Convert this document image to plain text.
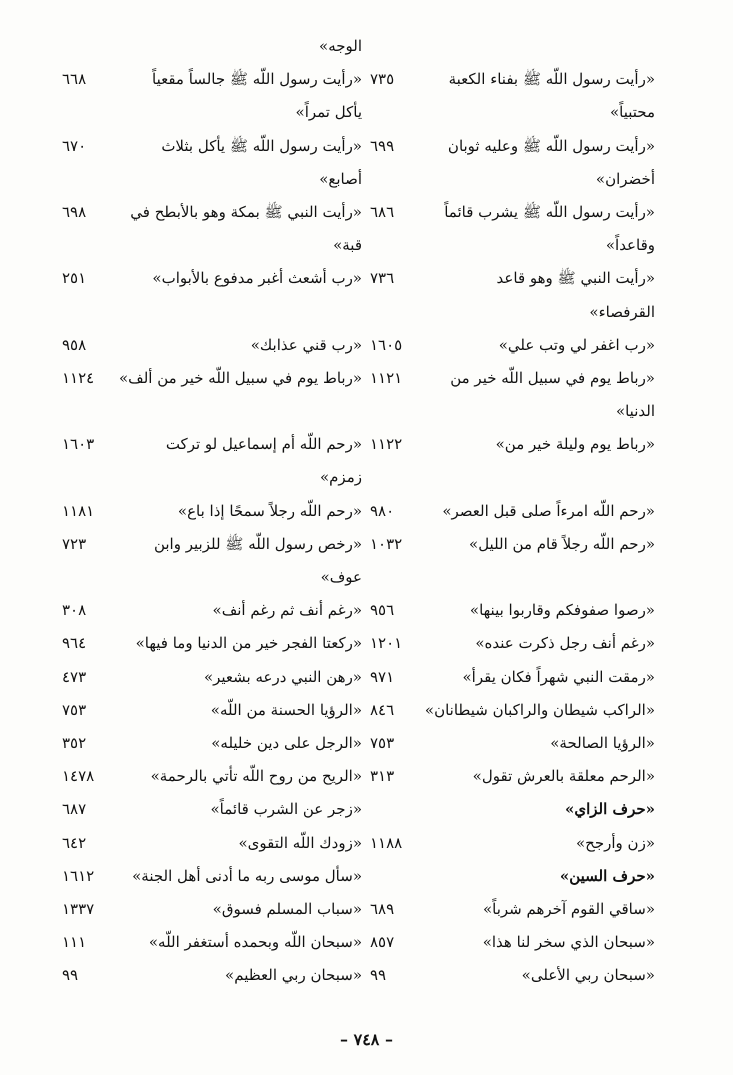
«رأيت رسول اللّه ﷺ بفناء الكعبة
٧٣٥
محتبياً»
«رأيت رسول اللّه ﷺ وعليه ثوبان
٦٩٩
أخضران»
«رأيت رسول اللّه ﷺ يشرب قائماً
٦٨٦
وقاعداً»
«رأيت النبي ﷺ وهو قاعد
٧٣٦
القرفصاء»
«رب اغفر لي وتب علي»
١٦٠٥
«رباط يوم في سبيل اللّه خير من
١١٢١
الدنيا»
«رباط يوم وليلة خير من»
١١٢٢
«رحم اللّه امرءاً صلى قبل العصر»
٩٨٠
«رحم اللّه رجلاً قام من الليل»
١٠٣٢
«رصوا صفوفكم وقاربوا بينها»
٩٥٦
«رغم أنف رجل ذكرت عنده»
١٢٠١
«رمقت النبي شهراً فكان يقرأ»
٩٧١
«الراكب شيطان والراكبان شيطانان»
٨٤٦
«الرؤيا الصالحة»
٧٥٣
«الرحم معلقة بالعرش تقول»
٣١٣
«حرف الزاي»
«زن وأرجح»
١١٨٨
«حرف السين»
«ساقي القوم آخرهم شرباً»
٦٨٩
«سبحان الذي سخر لنا هذا»
٨٥٧
«سبحان ربي الأعلى»
٩٩
الوجه»
«رأيت رسول اللّه ﷺ جالساً مقعياً
٦٦٨
يأكل تمراً»
«رأيت رسول اللّه ﷺ يأكل بثلاث
٦٧٠
أصابع»
«رأيت النبي ﷺ بمكة وهو بالأبطح في
٦٩٨
قبة»
«رب أشعث أغبر مدفوع بالأبواب»
٢٥١
«رب قني عذابك»
٩٥٨
«رباط يوم في سبيل اللّه خير من ألف»
١١٢٤
«رحم اللّه أم إسماعيل لو تركت
١٦٠٣
زمزم»
«رحم اللّه رجلاً سمحًا إذا باع»
١١٨١
«رخص رسول اللّه ﷺ للزبير وابن
٧٢٣
عوف»
«رغم أنف ثم رغم أنف»
٣٠٨
«ركعتا الفجر خير من الدنيا وما فيها»
٩٦٤
«رهن النبي درعه بشعير»
٤٧٣
«الرؤيا الحسنة من اللّه»
٧٥٣
«الرجل على دين خليله»
٣٥٢
«الريح من روح اللّه تأتي بالرحمة»
١٤٧٨
«زجر عن الشرب قائماً»
٦٨٧
«زودك اللّه التقوى»
٦٤٢
«سأل موسى ربه ما أدنى أهل الجنة»
١٦١٢
«سباب المسلم فسوق»
١٣٣٧
«سبحان اللّه وبحمده أستغفر اللّه»
١١١
«سبحان ربي العظيم»
٩٩
– ٧٤٨ –
